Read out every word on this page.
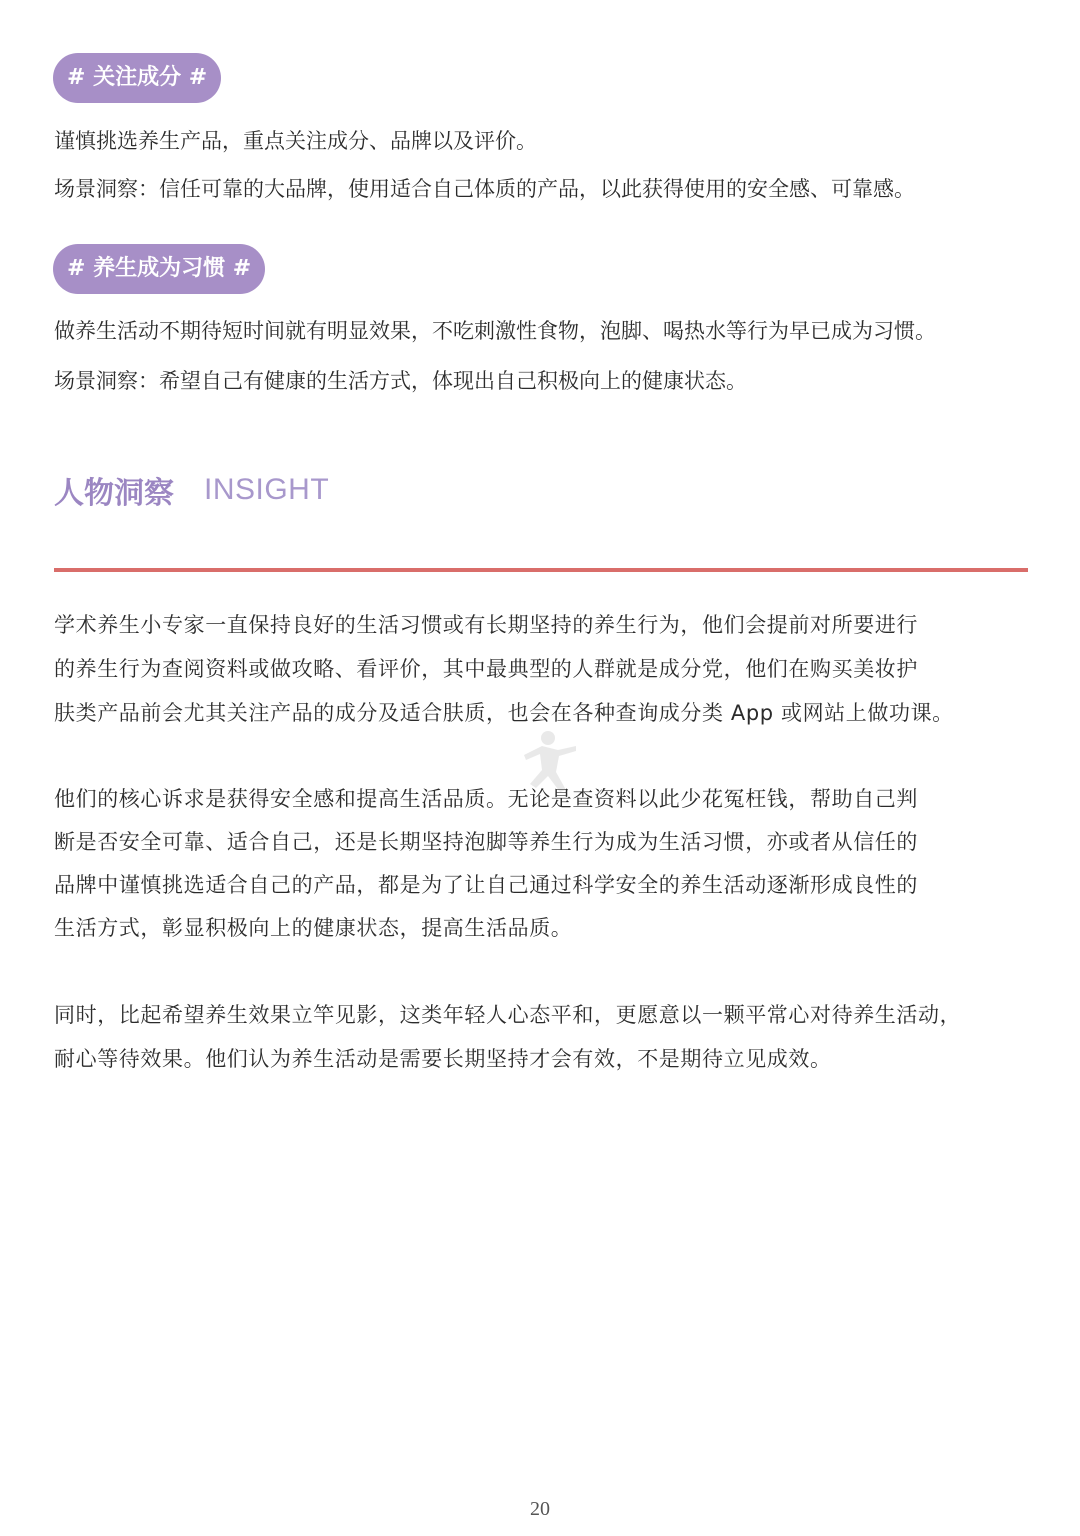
# 关注成分 #
谨慎挑选养生产品，重点关注成分、品牌以及评价。
场景洞察：信任可靠的大品牌，使用适合自己体质的产品，以此获得使用的安全感、可靠感。
# 养生成为习惯 #
做养生活动不期待短时间就有明显效果，不吃刺激性食物，泡脚、喝热水等行为早已成为习惯。
场景洞察：希望自己有健康的生活方式，体现出自己积极向上的健康状态。
人物洞察 INSIGHT
学术养生小专家一直保持良好的生活习惯或有长期坚持的养生行为，他们会提前对所要进行
的养生行为查阅资料或做攻略、看评价，其中最典型的人群就是成分党，他们在购买美妆护
肤类产品前会尤其关注产品的成分及适合肤质，也会在各种查询成分类 App 或网站上做功课。
他们的核心诉求是获得安全感和提高生活品质。无论是查资料以此少花冤枉钱，帮助自己判
断是否安全可靠、适合自己，还是长期坚持泡脚等养生行为成为生活习惯，亦或者从信任的
品牌中谨慎挑选适合自己的产品，都是为了让自己通过科学安全的养生活动逐渐形成良性的
生活方式，彰显积极向上的健康状态，提高生活品质。
同时，比起希望养生效果立竿见影，这类年轻人心态平和，更愿意以一颗平常心对待养生活动，
耐心等待效果。他们认为养生活动是需要长期坚持才会有效，不是期待立见成效。
20
